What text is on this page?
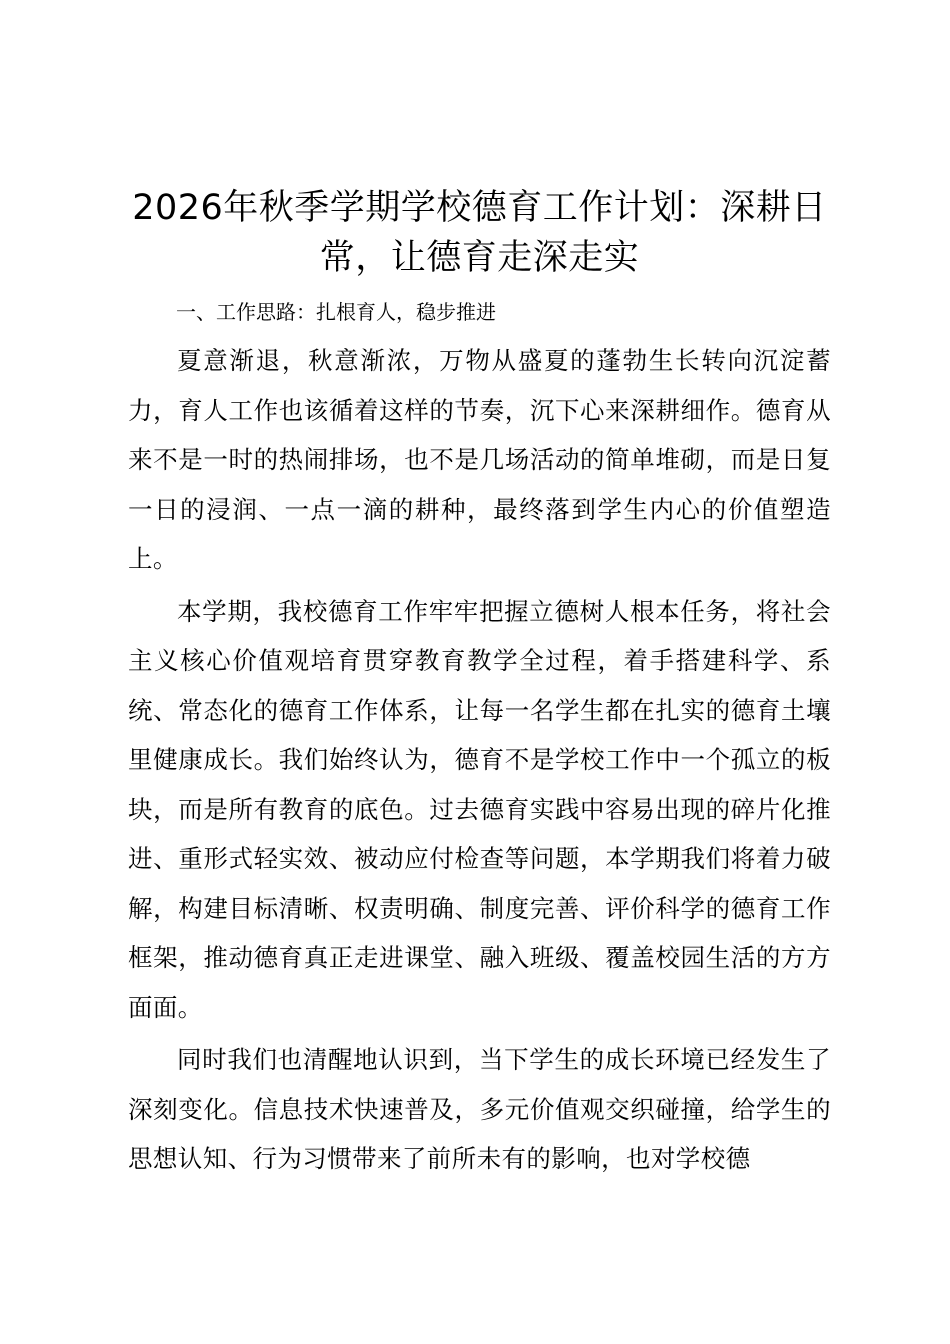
2026年秋季学期学校德育工作计划：深耕日常，让德育走深走实

一、工作思路：扎根育人，稳步推进

夏意渐退，秋意渐浓，万物从盛夏的蓬勃生长转向沉淀蓄力，育人工作也该循着这样的节奏，沉下心来深耕细作。德育从来不是一时的热闹排场，也不是几场活动的简单堆砌，而是日复一日的浸润、一点一滴的耕种，最终落到学生内心的价值塑造上。

本学期，我校德育工作牢牢把握立德树人根本任务，将社会主义核心价值观培育贯穿教育教学全过程，着手搭建科学、系统、常态化的德育工作体系，让每一名学生都在扎实的德育土壤里健康成长。我们始终认为，德育不是学校工作中一个孤立的板块，而是所有教育的底色。过去德育实践中容易出现的碎片化推进、重形式轻实效、被动应付检查等问题，本学期我们将着力破解，构建目标清晰、权责明确、制度完善、评价科学的德育工作框架，推动德育真正走进课堂、融入班级、覆盖校园生活的方方面面。

同时我们也清醒地认识到，当下学生的成长环境已经发生了深刻变化。信息技术快速普及，多元价值观交织碰撞，给学生的思想认知、行为习惯带来了前所未有的影响，也对学校德
